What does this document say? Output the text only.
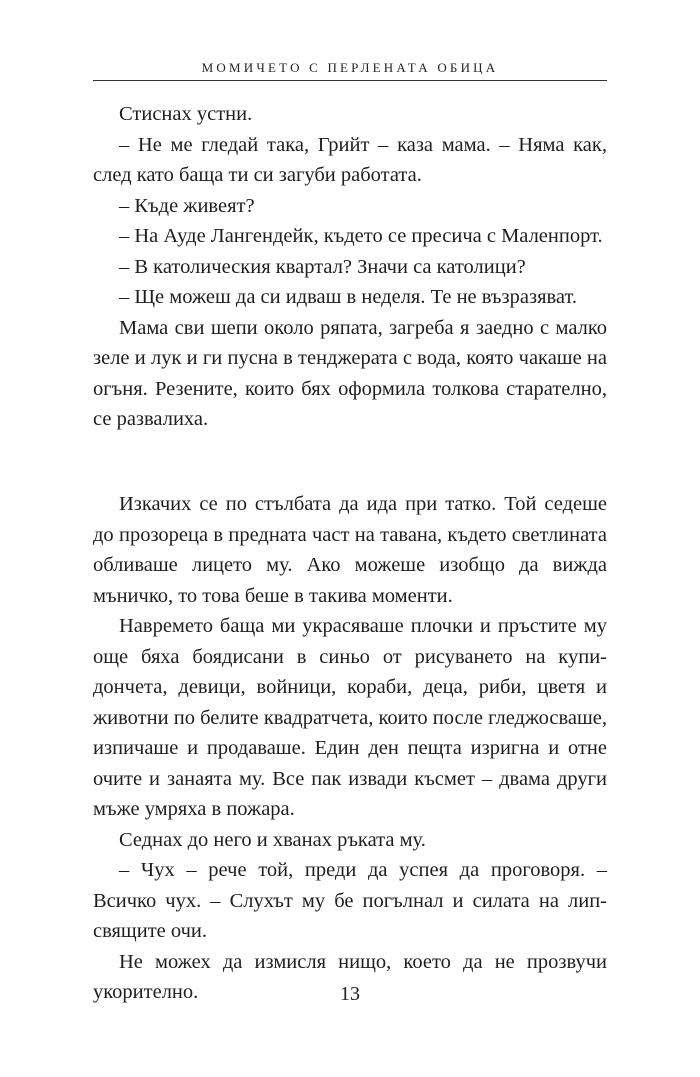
МОМИЧЕТО С ПЕРЛЕНАТА ОБИЦА

Стиснах устни.

– Не ме гледай така, Грийт – каза мама. – Няма как, след като баща ти си загуби работата.

– Къде живеят?

– На Ауде Лангендейк, където се пресича с Маленпорт.

– В католическия квартал? Значи са католици?

– Ще можеш да си идваш в неделя. Те не възразяват.

Мама сви шепи около ряпата, загреба я заедно с малко зеле и лук и ги пусна в тенджерата с вода, която чакаше на огъня. Резените, които бях оформила толкова старателно, се развалиха.

Изкачих се по стълбата да ида при татко. Той седеше до прозореца в предната част на тавана, където светлината обливаше лицето му. Ако можеше изобщо да вижда мъничко, то това беше в такива моменти.

Навремето баща ми украсяваше плочки и пръстите му още бяха боядисани в синьо от рисуването на купидончета, девици, войници, кораби, деца, риби, цветя и животни по белите квадратчета, които после гледжосваше, изпичаше и продаваше. Един ден пещта изригна и отне очите и занаята му. Все пак извади късмет – двама други мъже умряха в пожара.

Седнах до него и хванах ръката му.

– Чух – рече той, преди да успея да проговоря. – Всичко чух. – Слухът му бе погълнал и силата на липсвящите очи.

Не можех да измисля нищо, което да не прозвучи укорително.	13
